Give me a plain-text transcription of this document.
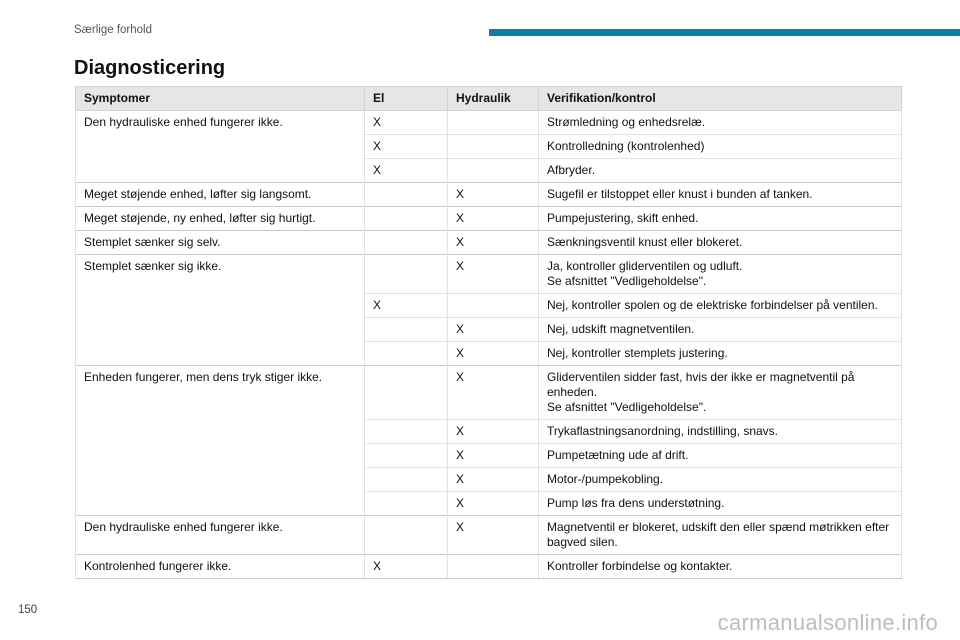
Særlige forhold
Diagnosticering
Symptomer	El	Hydraulik	Verifikation/kontrol
Den hydrauliske enhed fungerer ikke.	X		Strømledning og enhedsrelæ.

	X		Kontrolledning (kontrolenhed)

	X		Afbryder.

Meget støjende enhed, løfter sig langsomt.		X	Sugefil er tilstoppet eller knust i bunden af tanken.

Meget støjende, ny enhed, løfter sig hurtigt.		X	Pumpejustering, skift enhed.

Stemplet sænker sig selv.		X	Sænkningsventil knust eller blokeret.

Stemplet sænker sig ikke.		X	Ja, kontroller gliderventilen og udluft.
Se afsnittet "Vedligeholdelse".

	X		Nej, kontroller spolen og de elektriske forbindelser på ventilen.

		X	Nej, udskift magnetventilen.

		X	Nej, kontroller stemplets justering.

Enheden fungerer, men dens tryk stiger ikke.		X	Gliderventilen sidder fast, hvis der ikke er magnetventil på enheden.
Se afsnittet "Vedligeholdelse".

		X	Trykaflastningsanordning, indstilling, snavs.

		X	Pumpetætning ude af drift.

		X	Motor-/pumpekobling.

		X	Pump løs fra dens understøtning.

Den hydrauliske enhed fungerer ikke.		X	Magnetventil er blokeret, udskift den eller spænd møtrikken efter bagved silen.

Kontrolenhed fungerer ikke.	X		Kontroller forbindelse og kontakter.
150	carmanualsonline.info
